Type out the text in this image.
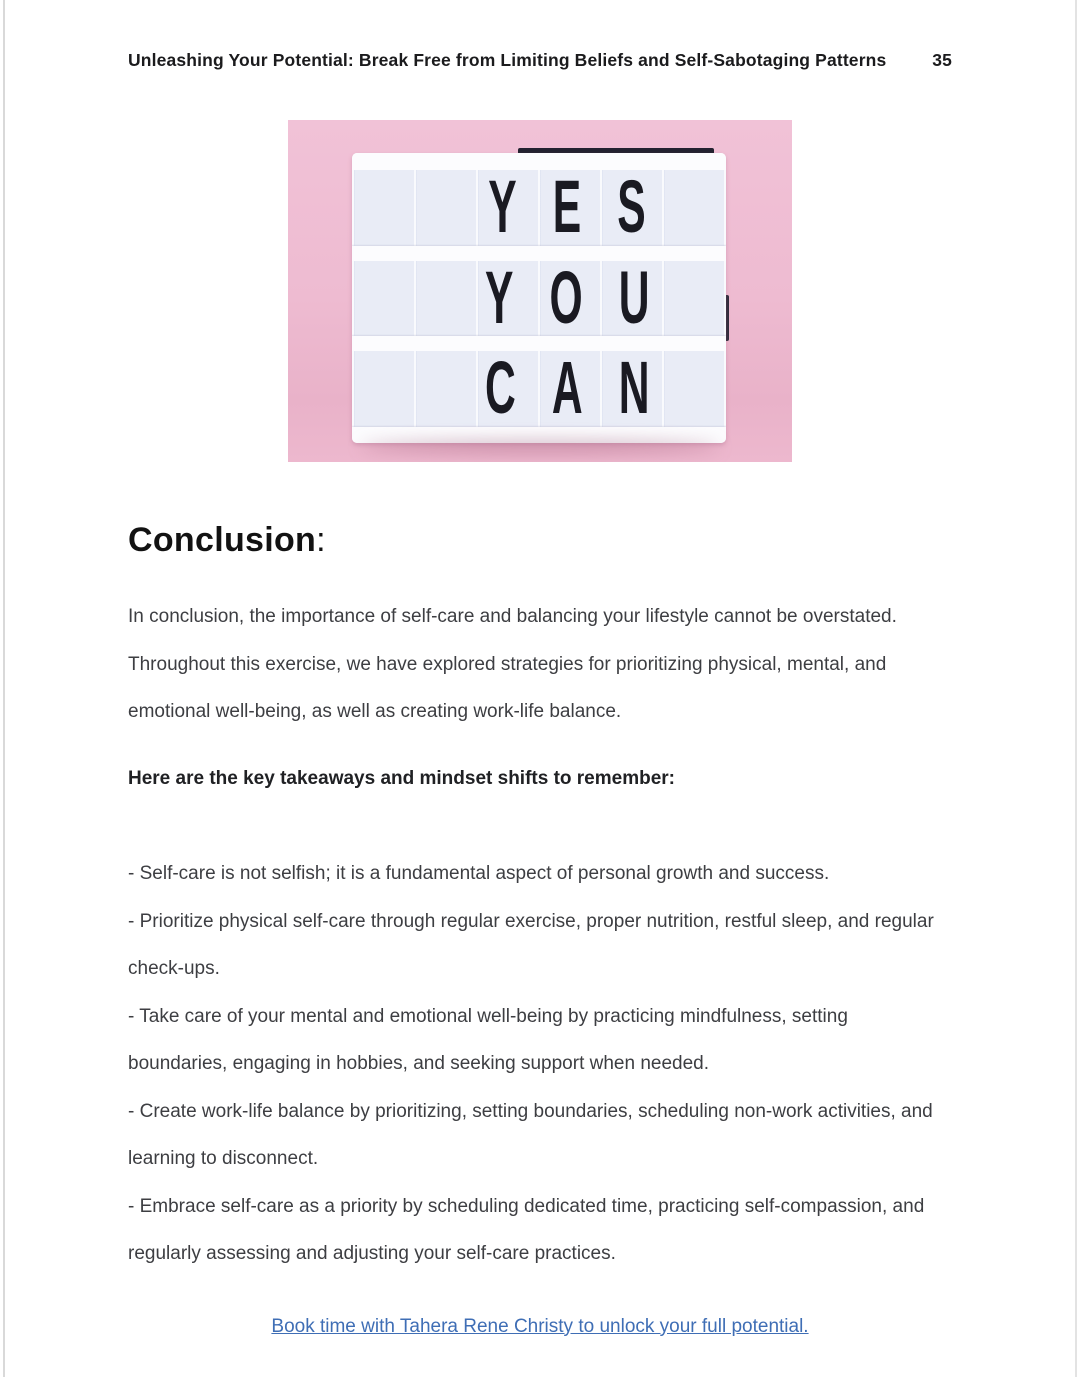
Unleashing Your Potential: Break Free from Limiting Beliefs and Self-Sabotaging Patterns	35
YES
YOU
CAN
Conclusion:

In conclusion, the importance of self-care and balancing your lifestyle cannot be overstated. Throughout this exercise, we have explored strategies for prioritizing physical, mental, and emotional well-being, as well as creating work-life balance.

Here are the key takeaways and mindset shifts to remember:

- Self-care is not selfish; it is a fundamental aspect of personal growth and success.

- Prioritize physical self-care through regular exercise, proper nutrition, restful sleep, and regular check-ups.

- Take care of your mental and emotional well-being by practicing mindfulness, setting boundaries, engaging in hobbies, and seeking support when needed.

- Create work-life balance by prioritizing, setting boundaries, scheduling non-work activities, and learning to disconnect.

- Embrace self-care as a priority by scheduling dedicated time, practicing self-compassion, and regularly assessing and adjusting your self-care practices.

Book time with Tahera Rene Christy to unlock your full potential.
